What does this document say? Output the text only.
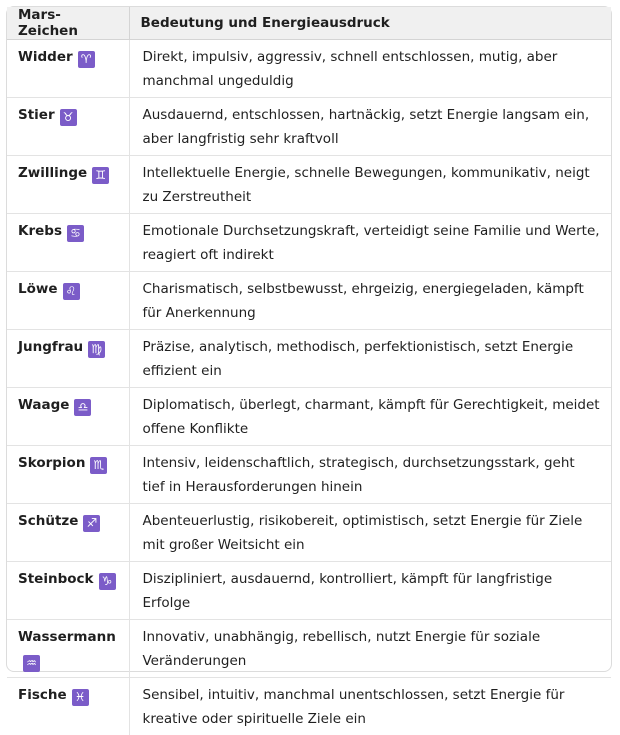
Mars-Zeichen	Bedeutung und Energieausdruck
Widder ♈	Direkt, impulsiv, aggressiv, schnell entschlossen, mutig, aber manchmal ungeduldig
Stier ♉	Ausdauernd, entschlossen, hartnäckig, setzt Energie langsam ein, aber langfristig sehr kraftvoll
Zwillinge ♊	Intellektuelle Energie, schnelle Bewegungen, kommunikativ, neigt zu Zerstreutheit
Krebs ♋	Emotionale Durchsetzungskraft, verteidigt seine Familie und Werte, reagiert oft indirekt
Löwe ♌	Charismatisch, selbstbewusst, ehrgeizig, energiegeladen, kämpft für Anerkennung
Jungfrau ♍	Präzise, analytisch, methodisch, perfektionistisch, setzt Energie effizient ein
Waage ♎	Diplomatisch, überlegt, charmant, kämpft für Gerechtigkeit, meidet offene Konflikte
Skorpion ♏	Intensiv, leidenschaftlich, strategisch, durchsetzungsstark, geht tief in Herausforderungen hinein
Schütze ♐	Abenteuerlustig, risikobereit, optimistisch, setzt Energie für Ziele mit großer Weitsicht ein
Steinbock ♑	Diszipliniert, ausdauernd, kontrolliert, kämpft für langfristige Erfolge
Wassermann♒	Innovativ, unabhängig, rebellisch, nutzt Energie für soziale Veränderungen
Fische ♓	Sensibel, intuitiv, manchmal unentschlossen, setzt Energie für kreative oder spirituelle Ziele ein
